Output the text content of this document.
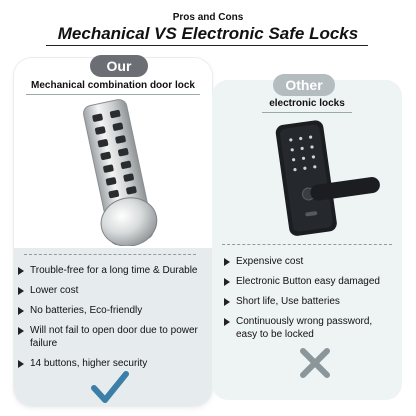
Pros and Cons
Mechanical VS Electronic Safe Locks
Our
Mechanical combination door lock
Trouble-free for a long time & Durable
Lower cost
No batteries, Eco-friendly
Will not fail to open door due to power failure
14 buttons, higher security
Other
electronic locks
Expensive cost
Electronic Button easy damaged
Short life, Use batteries
Continuously wrong password, easy to be locked
